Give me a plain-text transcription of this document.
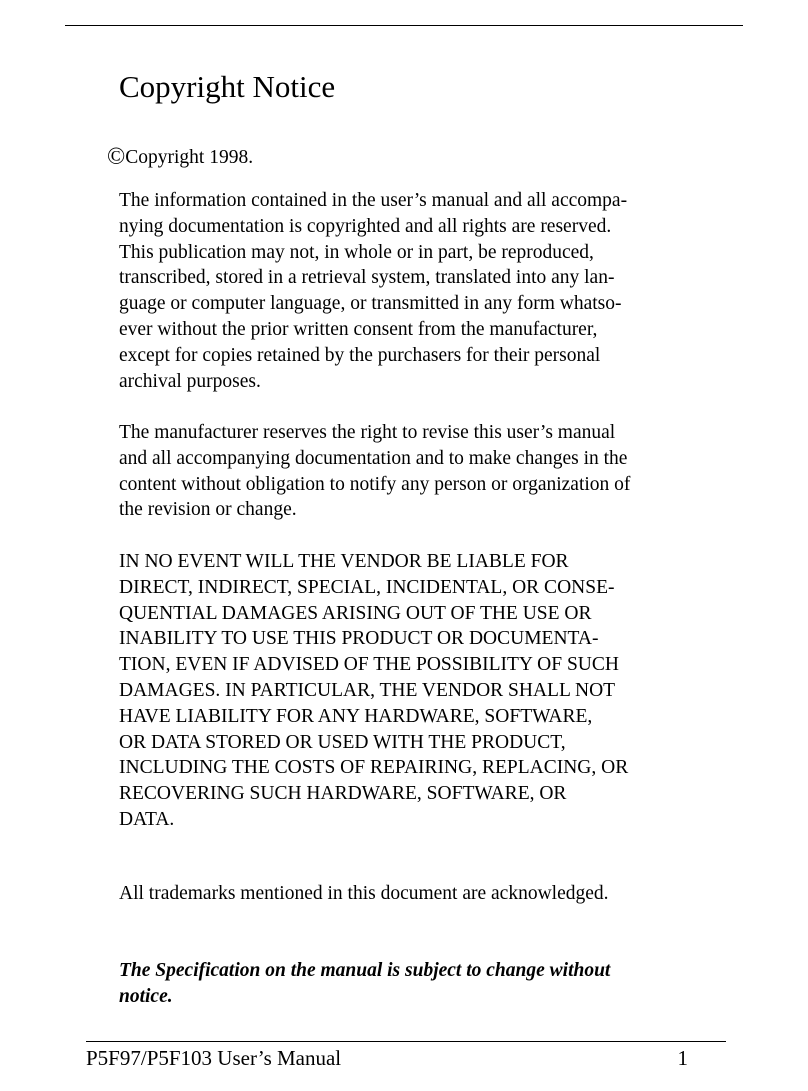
Copyright Notice
©Copyright 1998.

The information contained in the user’s manual and all accompa-
nying documentation is copyrighted and all rights are reserved.
This publication may not, in whole or in part, be reproduced,
transcribed, stored in a retrieval system, translated into any lan-
guage or computer language, or transmitted in any form whatso-
ever without the prior written consent from the manufacturer,
except for copies retained by the purchasers for their personal
archival purposes.

The manufacturer reserves the right to revise this user’s manual
and all accompanying documentation and to make changes in the
content without obligation to notify any person or organization of
the revision or change.

IN NO EVENT WILL THE VENDOR BE LIABLE FOR
DIRECT, INDIRECT, SPECIAL, INCIDENTAL, OR CONSE-
QUENTIAL DAMAGES ARISING OUT OF THE USE OR
INABILITY TO USE THIS PRODUCT OR DOCUMENTA-
TION, EVEN IF ADVISED OF THE POSSIBILITY OF SUCH
DAMAGES. IN PARTICULAR, THE VENDOR SHALL NOT
HAVE LIABILITY FOR ANY HARDWARE, SOFTWARE,
OR DATA STORED OR USED WITH THE PRODUCT,
INCLUDING THE COSTS OF REPAIRING, REPLACING, OR
RECOVERING SUCH HARDWARE, SOFTWARE, OR
DATA.

All trademarks mentioned in this document are acknowledged.

The Specification on the manual is subject to change without
notice.

P5F97/P5F103 User’s Manual	1
